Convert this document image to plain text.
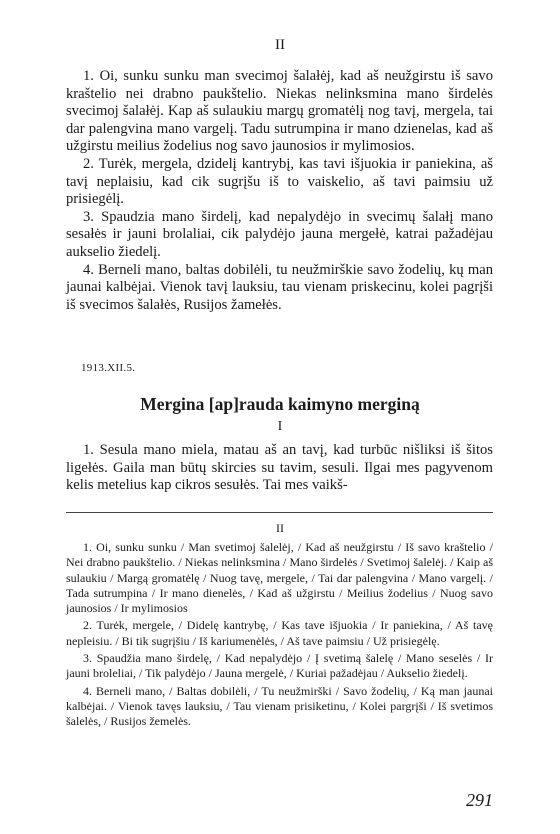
II

1. Oi, sunku sunku man svecimoj šalałėj, kad aš neužgirstu iš savo kraštelio nei drabno paukštelio. Niekas nelinksmina mano širdelės svecimoj šalałėj. Kap aš sulaukiu margų gromatėlį nog tavį, mergela, tai dar palengvina mano vargelį. Tadu sutrumpina ir mano dzienelas, kad aš užgirstu meilius žodelius nog savo jaunosios ir mylimosios.

2. Turėk, mergela, dzidelį kantrybį, kas tavi išjuokia ir paniekina, aš tavį neplaisiu, kad cik sugrįšu iš to vaiskelio, aš tavi paimsiu už prisiegėlį.

3. Spaudzia mano širdelį, kad nepalydėjo in svecimų šalałį mano sesałės ir jauni brolaliai, cik palydėjo jauna mergełė, katrai pažadėjau aukselio žiedelį.

4. Berneli mano, baltas dobilėli, tu neužmirškie savo žodelių, kų man jaunai kalbėjai. Vienok tavį lauksiu, tau vienam priskecinu, kolei pagrįši iš svecimos šalałės, Rusijos žamełės.

1913.XII.5.
Mergina [ap]rauda kaimyno merginą
I

1. Sesula mano miela, matau aš an tavį, kad turbūc nišliksi iš šitos ligełės. Gaila man būtų skircies su tavim, sesuli. Ilgai mes pagyvenom kelis metelius kap cikros sesułės. Tai mes vaikš-

II

1. Oi, sunku sunku / Man svetimoj šalelėj, / Kad aš neužgirstu / Iš savo kraštelio / Nei drabno paukštelio. / Niekas nelinksmina / Mano širdelės / Svetimoj šalelėj. / Kaip aš sulaukiu / Margą gromatėlę / Nuog tavę, mergele, / Tai dar palengvina / Mano vargelį. / Tada sutrumpina / Ir mano dienelės, / Kad aš užgirstu / Meilius žodelius / Nuog savo jaunosios / Ir mylimosios

2. Turėk, mergele, / Didelę kantrybę, / Kas tave išjuokia / Ir paniekina, / Aš tavę nepleisiu. / Bi tik sugrįšiu / Iš kariumenėlės, / Aš tave paimsiu / Už prisiegėlę.

3. Spaudžia mano širdelę, / Kad nepalydėjo / Į svetimą šalelę / Mano seselės / Ir jauni broleliai, / Tik palydėjo / Jauna mergelė, / Kuriai pažadėjau / Aukselio žiedelį.

4. Berneli mano, / Baltas dobilėli, / Tu neužmirški / Savo žodelių, / Ką man jaunai kalbėjai. / Vienok tavęs lauksiu, / Tau vienam prisiketinu, / Kolei pargrįši / Iš svetimos šalelės, / Rusijos žemelės.

291
